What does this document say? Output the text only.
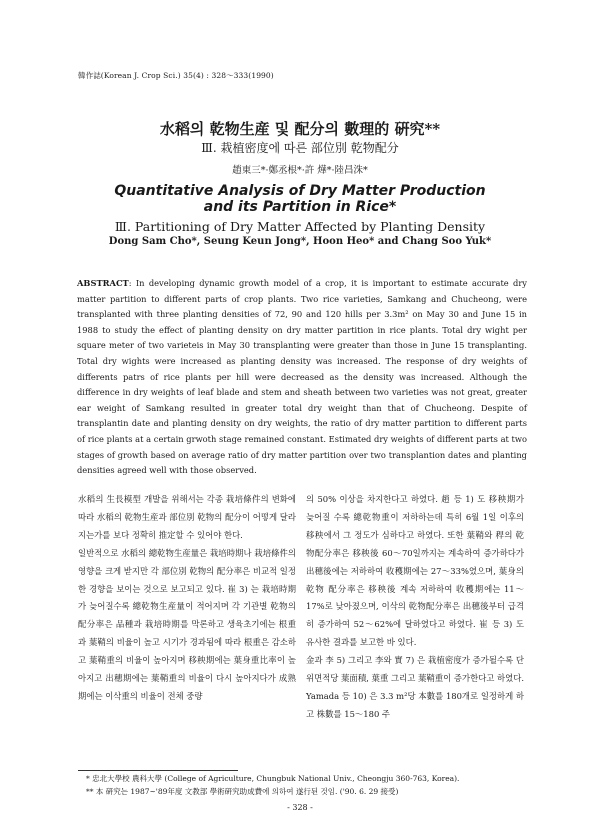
韓作誌(Korean J. Crop Sci.) 35(4) : 328～333(1990)
水稻의 乾物生産 및 配分의 數理的 硏究**
Ⅲ. 栽植密度에 따른 部位別 乾物配分
趙東三*·鄭丞根*·許 燁*·陸昌洙*
Quantitative Analysis of Dry Matter Production
and its Partition in Rice*
Ⅲ. Partitioning of Dry Matter Affected by Planting Density
Dong Sam Cho*, Seung Keun Jong*, Hoon Heo* and Chang Soo Yuk*
ABSTRACT: In developing dynamic growth model of a crop, it is important to estimate accurate dry matter partition to different parts of crop plants. Two rice varieties, Samkang and Chucheong, were transplanted with three planting densities of 72, 90 and 120 hills per 3.3m² on May 30 and June 15 in 1988 to study the effect of planting density on dry matter partition in rice plants. Total dry wight per square meter of two varieteis in May 30 transplanting were greater than those in June 15 transplanting. Total dry wights were increased as planting density was increased. The response of dry weights of differents patrs of rice plants per hill were decreased as the density was increased. Although the difference in dry weights of leaf blade and stem and sheath between two varieties was not great, greater ear weight of Samkang resulted in greater total dry weight than that of Chucheong. Despite of transplantin date and planting density on dry weights, the ratio of dry matter partition to different parts of rice plants at a certain grwoth stage remained constant. Estimated dry weights of different parts at two stages of growth based on average ratio of dry matter partition over two transplantion dates and planting densities agreed well with those observed.

水稻의 生長模型 개발을 위해서는 각종 栽培條件의 변화에 따라 水稻의 乾物生産과 部位別 乾物의 配分이 어떻게 달라지는가를 보다 정확히 推定할 수 있어야 한다.

일반적으로 水稻의 總乾物生産量은 栽培時期나 栽培條件의 영향을 크게 받지만 각 部位別 乾物의 配分率은 비교적 일정한 경향을 보이는 것으로 보고되고 있다. 崔 3) 는 栽培時期가 늦어질수록 總乾物生産量이 적어지며 각 기관별 乾物의 配分率은 品種과 栽培時期를 막론하고 생육초기에는 根重과 葉鞘의 비율이 높고 시기가 경과됨에 따라 根重은 감소하고 葉鞘重의 비율이 높아지며 移秧期에는 葉身重比率이 높아지고 出穗期에는 葉鞘重의 비율이 다시 높아지다가 成熟期에는 이삭重의 비율이 전체 중량

의 50% 이상을 차지한다고 하였다. 趙 등 1) 도 移秧期가 늦어질 수록 總乾物重이 저하하는데 특히 6월 1일 이후의 移秧에서 그 정도가 심하다고 하였다. 또한 葉鞘와 稈의 乾物配分率은 移秧後 60～70일까지는 계속하여 증가하다가 出穗後에는 저하하여 收穫期에는 27～33%였으며, 葉身의 乾物 配分率은 移秧後 계속 저하하여 收穫期에는 11～17%로 낮아졌으며, 이삭의 乾物配分率은 出穗後부터 급격히 증가하여 52～62%에 달하였다고 하였다. 崔 등 3) 도 유사한 결과를 보고한 바 있다.

金과 李 5) 그리고 李와 實 7) 은 栽植密度가 증가될수록 단위면적당 葉面積, 葉重 그리고 葉鞘重이 증가한다고 하였다. Yamada 등 10) 은 3.3 m²당 本數를 180개로 일정하게 하고 株數를 15～180 주

* 忠北大學校 農科大學 (College of Agriculture, Chungbuk National Univ., Cheongju 360-763, Korea).
** 本 硏究는 1987~'89年度 文教部 學術硏究助成費에 의하여 遂行된 것임. ('90. 6. 29 接受)
- 328 -
